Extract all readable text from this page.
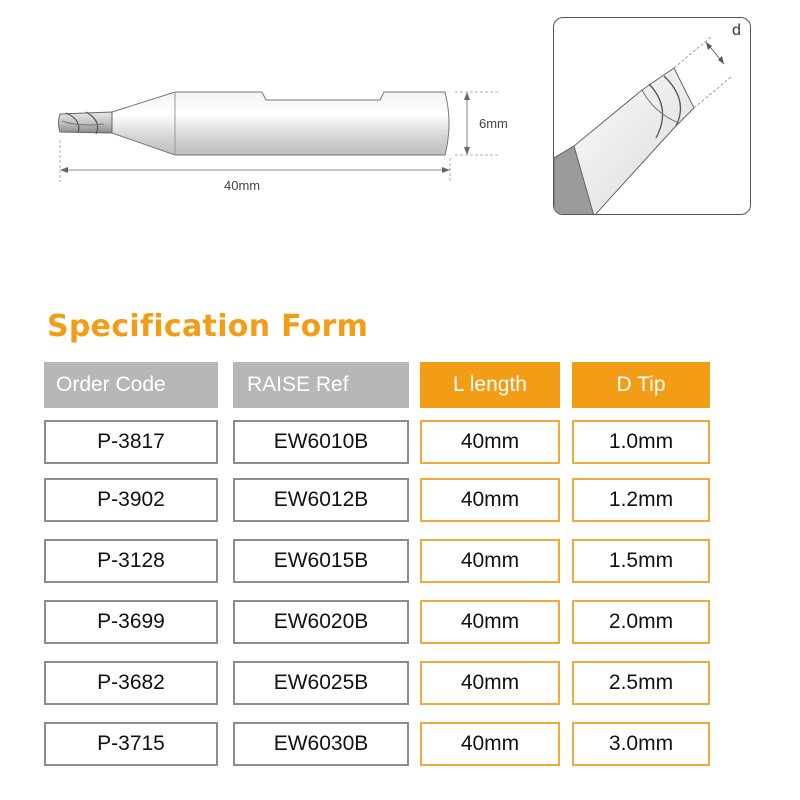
40mm
6mm
d
Specification Form
Order Code	RAISE Ref	L length	D Tip
P-3817	EW6010B	40mm	1.0mm
P-3902	EW6012B	40mm	1.2mm
P-3128	EW6015B	40mm	1.5mm
P-3699	EW6020B	40mm	2.0mm
P-3682	EW6025B	40mm	2.5mm
P-3715	EW6030B	40mm	3.0mm
